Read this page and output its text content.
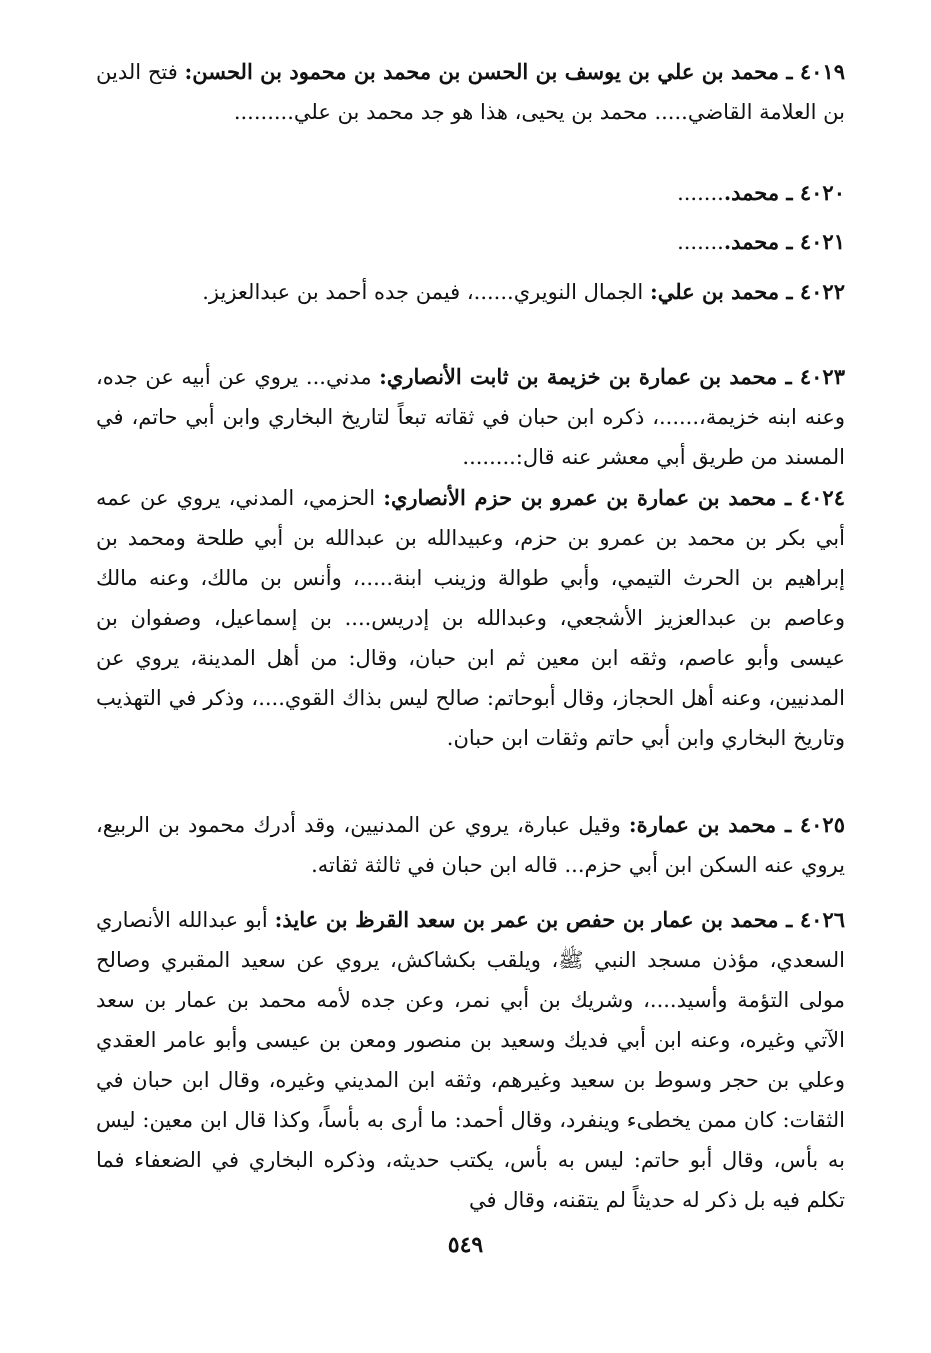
٤٠١٩ ـ محمد بن علي بن يوسف بن الحسن بن محمد بن محمود بن الحسن: فتح الدين بن العلامة القاضي..... محمد بن يحيى، هذا هو جد محمد بن علي.........

٤٠٢٠ ـ محمد........

٤٠٢١ ـ محمد........

٤٠٢٢ ـ محمد بن علي: الجمال النويري......، فيمن جده أحمد بن عبدالعزيز.

٤٠٢٣ ـ محمد بن عمارة بن خزيمة بن ثابت الأنصاري: مدني... يروي عن أبيه عن جده، وعنه ابنه خزيمة،......، ذكره ابن حبان في ثقاته تبعاً لتاريخ البخاري وابن أبي حاتم، في المسند من طريق أبي معشر عنه قال:........

٤٠٢٤ ـ محمد بن عمارة بن عمرو بن حزم الأنصاري: الحزمي، المدني، يروي عن عمه أبي بكر بن محمد بن عمرو بن حزم، وعبيدالله بن عبدالله بن أبي طلحة ومحمد بن إبراهيم بن الحرث التيمي، وأبي طوالة وزينب ابنة.....، وأنس بن مالك، وعنه مالك وعاصم بن عبدالعزيز الأشجعي، وعبدالله بن إدريس.... بن إسماعيل، وصفوان بن عيسى وأبو عاصم، وثقه ابن معين ثم ابن حبان، وقال: من أهل المدينة، يروي عن المدنيين، وعنه أهل الحجاز، وقال أبوحاتم: صالح ليس بذاك القوي....، وذكر في التهذيب وتاريخ البخاري وابن أبي حاتم وثقات ابن حبان.

٤٠٢٥ ـ محمد بن عمارة: وقيل عبارة، يروي عن المدنيين، وقد أدرك محمود بن الربيع، يروي عنه السكن ابن أبي حزم... قاله ابن حبان في ثالثة ثقاته.

٤٠٢٦ ـ محمد بن عمار بن حفص بن عمر بن سعد القرظ بن عايذ: أبو عبدالله الأنصاري السعدي، مؤذن مسجد النبي ﷺ، ويلقب بكشاكش، يروي عن سعيد المقبري وصالح مولى التؤمة وأسيد....، وشريك بن أبي نمر، وعن جده لأمه محمد بن عمار بن سعد الآتي وغيره، وعنه ابن أبي فديك وسعيد بن منصور ومعن بن عيسى وأبو عامر العقدي وعلي بن حجر وسوط بن سعيد وغيرهم، وثقه ابن المديني وغيره، وقال ابن حبان في الثقات: كان ممن يخطىء وينفرد، وقال أحمد: ما أرى به بأساً، وكذا قال ابن معين: ليس به بأس، وقال أبو حاتم: ليس به بأس، يكتب حديثه، وذكره البخاري في الضعفاء فما تكلم فيه بل ذكر له حديثاً لم يتقنه، وقال في

٥٤٩
